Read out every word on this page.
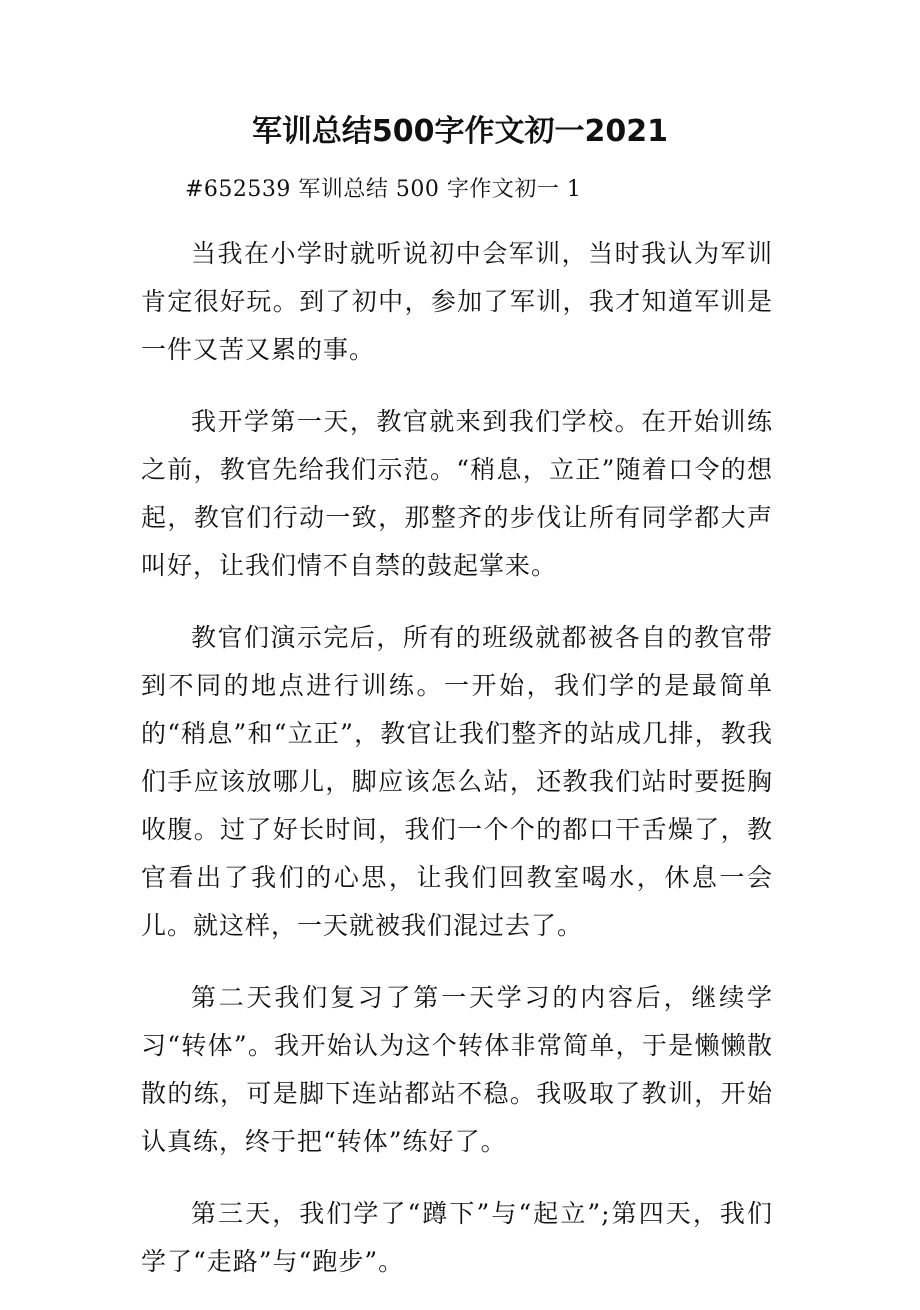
军训总结500字作文初一2021

#652539 军训总结 500 字作文初一 1

当我在小学时就听说初中会军训，当时我认为军训肯定很好玩。到了初中，参加了军训，我才知道军训是一件又苦又累的事。

我开学第一天，教官就来到我们学校。在开始训练之前，教官先给我们示范。“稍息，立正”随着口令的想起，教官们行动一致，那整齐的步伐让所有同学都大声叫好，让我们情不自禁的鼓起掌来。

教官们演示完后，所有的班级就都被各自的教官带到不同的地点进行训练。一开始，我们学的是最简单的“稍息”和“立正”，教官让我们整齐的站成几排，教我们手应该放哪儿，脚应该怎么站，还教我们站时要挺胸收腹。过了好长时间，我们一个个的都口干舌燥了，教官看出了我们的心思，让我们回教室喝水，休息一会儿。就这样，一天就被我们混过去了。

第二天我们复习了第一天学习的内容后，继续学习“转体”。我开始认为这个转体非常简单，于是懒懒散散的练，可是脚下连站都站不稳。我吸取了教训，开始认真练，终于把“转体”练好了。

第三天，我们学了“蹲下”与“起立”;第四天，我们学了“走路”与“跑步”。
